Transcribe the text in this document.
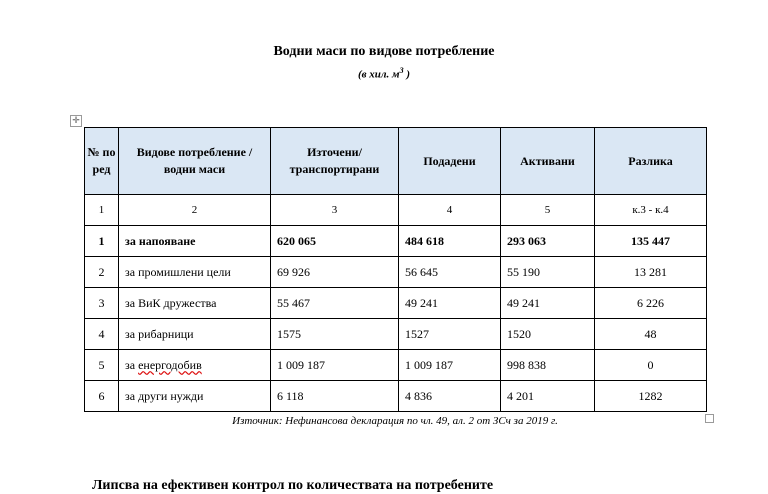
Водни маси по видове потребление
(в хил. $м^3$ )
✛
№ по ред	Видове потребление / водни маси	Източени/ транспортирани	Подадени	Активани	Разлика
1	2	3	4	5	к.3 - к.4
1	за напояване	620 065	484 618	293 063	135 447
2	за промишлени цели	69 926	56 645	55 190	13 281
3	за ВиК дружества	55 467	49 241	49 241	6 226
4	за рибарници	1575	1527	1520	48
5	за енергодобив	1 009 187	1 009 187	998 838	0
6	за други нужди	6 118	4 836	4 201	1282
Източник: Нефинансова декларация по чл. 49, ал. 2 от ЗСч за 2019 г.
Липсва на ефективен контрол по количествата на потребените
